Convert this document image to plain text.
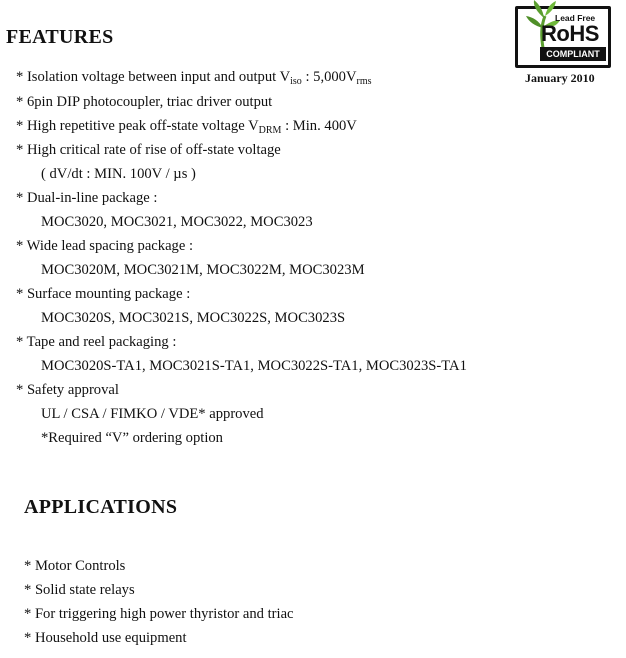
Lead Free
RoHS
COMPLIANT
January 2010
FEATURES
* Isolation voltage between input and output $V_{iso}$ : $5,000V_{rms}$
* 6pin DIP photocoupler, triac driver output
* High repetitive peak off-state voltage $V_{DRM}$ : Min. 400V
* High critical rate of rise of off-state voltage
( dV/dt : MIN. 100V / µs )
* Dual-in-line package :
MOC3020, MOC3021, MOC3022, MOC3023
* Wide lead spacing package :
MOC3020M, MOC3021M, MOC3022M, MOC3023M
* Surface mounting package :
MOC3020S, MOC3021S, MOC3022S, MOC3023S
* Tape and reel packaging :
MOC3020S-TA1, MOC3021S-TA1, MOC3022S-TA1, MOC3023S-TA1
* Safety approval
UL / CSA / FIMKO / VDE* approved
*Required “V” ordering option
APPLICATIONS
* Motor Controls
* Solid state relays
* For triggering high power thyristor and triac
* Household use equipment
